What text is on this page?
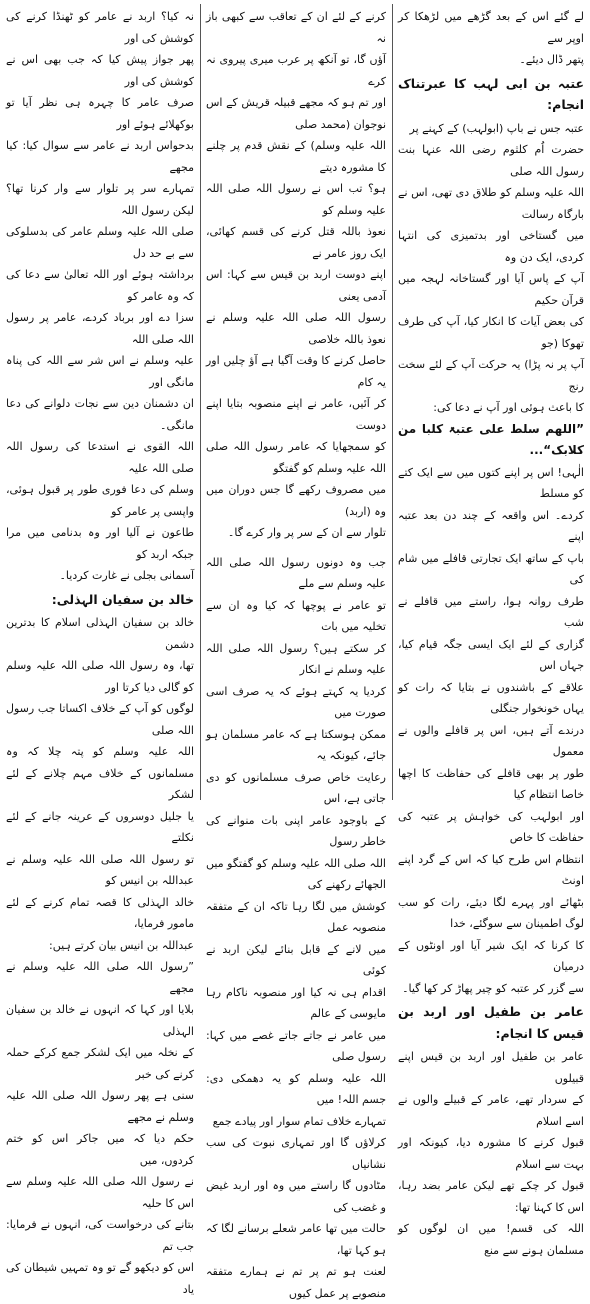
لے گئے اس کے بعد گڑھے میں لڑھکا کر اوپر سے
پتھر ڈال دیئے۔
عتبہ بن ابی لہب کا عبرتناک انجام:
عتبہ جس نے باپ (ابولہب) کے کہنے پر
حضرت اُم کلثوم رضی اللہ عنہا بنت رسول اللہ صلی
اللہ علیہ وسلم کو طلاق دی تھی، اس نے بارگاہ رسالت
میں گستاخی اور بدتمیزی کی انتہا کردی، ایک دن وہ
آپ کے پاس آیا اور گستاخانہ لہجہ میں قرآن حکیم
کی بعض آیات کا انکار کیا، آپ کی طرف تھوکا (جو
آپ پر نہ پڑا) یہ حرکت آپ کے لئے سخت رنج
کا باعث ہوئی اور آپ نے دعا کی:
”اللھم سلط علی عتبۃ کلبا من کلابک“...
الٰہی! اس پر اپنے کتوں میں سے ایک کتے کو مسلط
کردے۔ اس واقعہ کے چند دن بعد عتبہ اپنے
باپ کے ساتھ ایک تجارتی قافلے میں شام کی
طرف روانہ ہوا، راستے میں قافلے نے شب
گزاری کے لئے ایک ایسی جگہ قیام کیا، جہاں اس
علاقے کے باشندوں نے بتایا کہ رات کو یہاں خونخوار جنگلی
درندے آتے ہیں، اس پر قافلے والوں نے معمول
طور پر بھی قافلے کی حفاظت کا اچھا خاصا انتظام کیا
اور ابولہب کی خواہش پر عتبہ کی حفاظت کا خاص
انتظام اس طرح کیا کہ اس کے گرد اپنے اونٹ
بٹھائے اور پہرے لگا دیئے، رات کو سب لوگ اطمینان سے سوگئے، خدا
کا کرنا کہ ایک شیر آیا اور اونٹوں کے درمیان
سے گزر کر عتبہ کو چیر پھاڑ کر کھا گیا۔
عامر بن طفیل اور اربد بن قیس کا انجام:
عامر بن طفیل اور اربد بن قیس اپنے قبیلوں
کے سردار تھے، عامر کے قبیلے والوں نے اسے اسلام
قبول کرنے کا مشورہ دیا، کیونکہ اور بہت سے اسلام
قبول کر چکے تھے لیکن عامر بضد رہا، اس کا کہنا تھا:
اللہ کی قسم! میں ان لوگوں کو مسلمان ہونے سے منع
کرنے کے لئے ان کے تعاقب سے کبھی باز نہ
آؤں گا، تو آنکھ پر عرب میری پیروی نہ کرے
اور تم ہو کہ مجھے قبیلہ قریش کے اس نوجوان (محمد صلی
اللہ علیہ وسلم) کے نقش قدم پر چلنے کا مشورہ دیتے
ہو؟ تب اس نے رسول اللہ صلی اللہ علیہ وسلم کو
نعوذ باللہ قتل کرنے کی قسم کھائی، ایک روز عامر نے
اپنے دوست اربد بن قیس سے کہا: اس آدمی یعنی
رسول اللہ صلی اللہ علیہ وسلم نے نعوذ باللہ خلاصی
حاصل کرنے کا وقت آگیا ہے آؤ چلیں اور یہ کام
کر آئیں، عامر نے اپنے منصوبہ بتایا اپنے دوست
کو سمجھایا کہ عامر رسول اللہ صلی اللہ علیہ وسلم کو گفتگو
میں مصروف رکھے گا جس دوران میں وہ (اربد)
تلوار سے ان کے سر پر وار کرے گا۔
جب وہ دونوں رسول اللہ صلی اللہ علیہ وسلم سے ملے
تو عامر نے پوچھا کہ کیا وہ ان سے تخلیہ میں بات
کر سکتے ہیں؟ رسول اللہ صلی اللہ علیہ وسلم نے انکار
کردیا یہ کہتے ہوئے کہ یہ صرف اسی صورت میں
ممکن ہوسکتا ہے کہ عامر مسلمان ہو جائے، کیونکہ یہ
رعایت خاص صرف مسلمانوں کو دی جاتی ہے، اس
کے باوجود عامر اپنی بات منوانے کی خاطر رسول
اللہ صلی اللہ علیہ وسلم کو گفتگو میں الجھائے رکھنے کی
کوشش میں لگا رہا تاکہ ان کے متفقہ منصوبہ عمل
میں لانے کے قابل بنائے لیکن اربد نے کوئی
اقدام ہی نہ کیا اور منصوبہ ناکام رہا مایوسی کے عالم
میں عامر نے جاتے جاتے غصے میں کہا: رسول صلی
اللہ علیہ وسلم کو یہ دھمکی دی: جسم اللہ! میں
تمہارے خلاف تمام سوار اور پیادے جمع
کرلاؤں گا اور تمہاری نبوت کی سب نشانیاں
مٹادوں گا راستے میں وہ اور اربد غیض و غضب کی
حالت میں تھا عامر شعلے برسانے لگا کہ ہو کہا تھا،
لعنت ہو تم پر تم نے ہمارے متفقہ منصوبے پر عمل کیوں
نہ کیا؟ اربد نے عامر کو ٹھنڈا کرنے کی کوشش کی اور
پھر جواز پیش کیا کہ جب بھی اس نے کوشش کی اور
صرف عامر کا چہرہ ہی نظر آیا تو بوکھلائے ہوئے اور
بدحواس اربد نے عامر سے سوال کیا: کیا مجھے
تمہارے سر پر تلوار سے وار کرنا تھا؟ لیکن رسول اللہ
صلی اللہ علیہ وسلم عامر کی بدسلوکی سے بے حد دل
برداشتہ ہوئے اور اللہ تعالیٰ سے دعا کی کہ وہ عامر کو
سزا دے اور برباد کردے، عامر پر رسول اللہ صلی اللہ
علیہ وسلم نے اس شر سے اللہ کی پناہ مانگی اور
ان دشمنان دین سے نجات دلوانے کی دعا مانگی۔
اللہ القوی نے استدعا کی رسول اللہ صلی اللہ علیہ
وسلم کی دعا فوری طور پر قبول ہوئی، واپسی پر عامر کو
طاعون نے آلیا اور وہ بدنامی میں مرا جبکہ اربد کو
آسمانی بجلی نے غارت کردیا۔
خالد بن سفیان الہذلی:
خالد بن سفیان الہذلی اسلام کا بدترین دشمن
تھا، وہ رسول اللہ صلی اللہ علیہ وسلم کو گالی دیا کرتا اور
لوگوں کو آپ کے خلاف اکساتا جب رسول اللہ صلی
اللہ علیہ وسلم کو پتہ چلا کہ وہ مسلمانوں کے خلاف مہم چلانے کے لئے لشکر
یا جلیل دوسروں کے عرینہ جانے کے لئے نکلتے
تو رسول اللہ صلی اللہ علیہ وسلم نے عبداللہ بن انیس کو
خالد الہذلی کا قصہ تمام کرنے کے لئے مامور فرمایا،
عبداللہ بن انیس بیان کرتے ہیں:
”رسول اللہ صلی اللہ علیہ وسلم نے مجھے
بلایا اور کہا کہ انہوں نے خالد بن سفیان الہذلی
کے نخلہ میں ایک لشکر جمع کرکے حملہ کرنے کی خبر
سنی ہے پھر رسول اللہ صلی اللہ علیہ وسلم نے مجھے
حکم دیا کہ میں جاکر اس کو ختم کردوں، میں
نے رسول اللہ صلی اللہ علیہ وسلم سے اس کا حلیہ
بتانے کی درخواست کی، انہوں نے فرمایا: جب تم
اس کو دیکھو گے تو وہ تمہیں شیطان کی یاد
